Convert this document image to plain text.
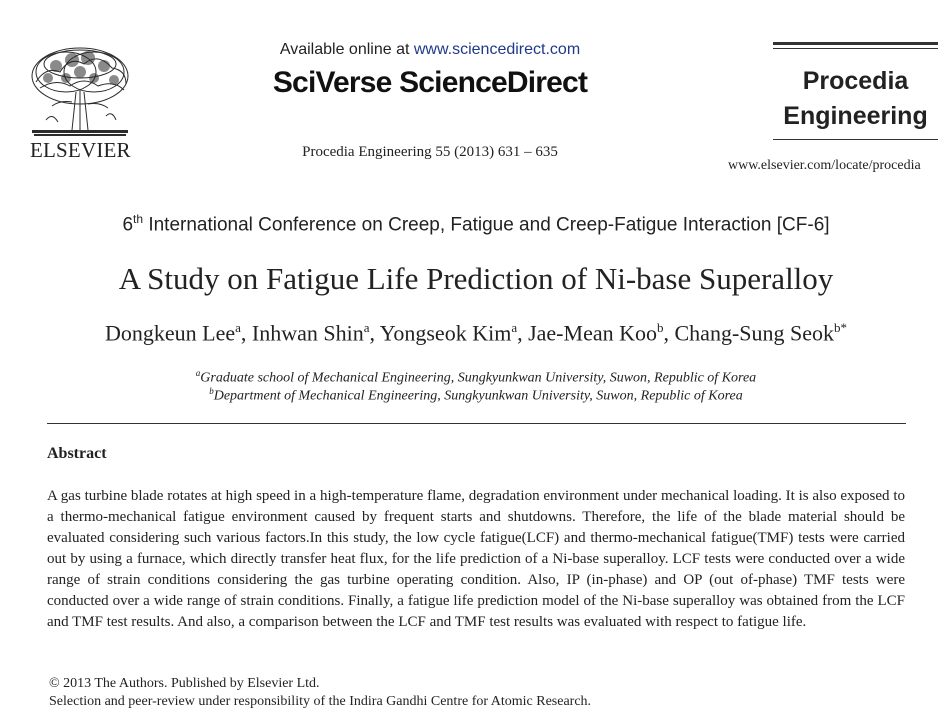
ELSEVIER
Available online at www.sciencedirect.com
SciVerse ScienceDirect
Procedia Engineering 55 (2013) 631 – 635
Procedia
Engineering
www.elsevier.com/locate/procedia
6th International Conference on Creep, Fatigue and Creep-Fatigue Interaction [CF-6]
A Study on Fatigue Life Prediction of Ni-base Superalloy
Dongkeun Lee$^a$, Inhwan Shin$^a$, Yongseok Kim$^a$, Jae-Mean Koo$^b$, Chang-Sung Seok$^{b*}$
$^a$Graduate school of Mechanical Engineering, Sungkyunkwan University, Suwon, Republic of Korea
$^b$Department of Mechanical Engineering, Sungkyunkwan University, Suwon, Republic of Korea
Abstract
A gas turbine blade rotates at high speed in a high-temperature flame, degradation environment under mechanical loading. It is also exposed to a thermo-mechanical fatigue environment caused by frequent starts and shutdowns. Therefore, the life of the blade material should be evaluated considering such various factors.In this study, the low cycle fatigue(LCF) and thermo-mechanical fatigue(TMF) tests were carried out by using a furnace, which directly transfer heat flux, for the life prediction of a Ni-base superalloy. LCF tests were conducted over a wide range of strain conditions considering the gas turbine operating condition. Also, IP (in-phase) and OP (out of-phase) TMF tests were conducted over a wide range of strain conditions. Finally, a fatigue life prediction model of the Ni-base superalloy was obtained from the LCF and TMF test results. And also, a comparison between the LCF and TMF test results was evaluated with respect to fatigue life.
© 2013 The Authors. Published by Elsevier Ltd.
Selection and peer-review under responsibility of the Indira Gandhi Centre for Atomic Research.
